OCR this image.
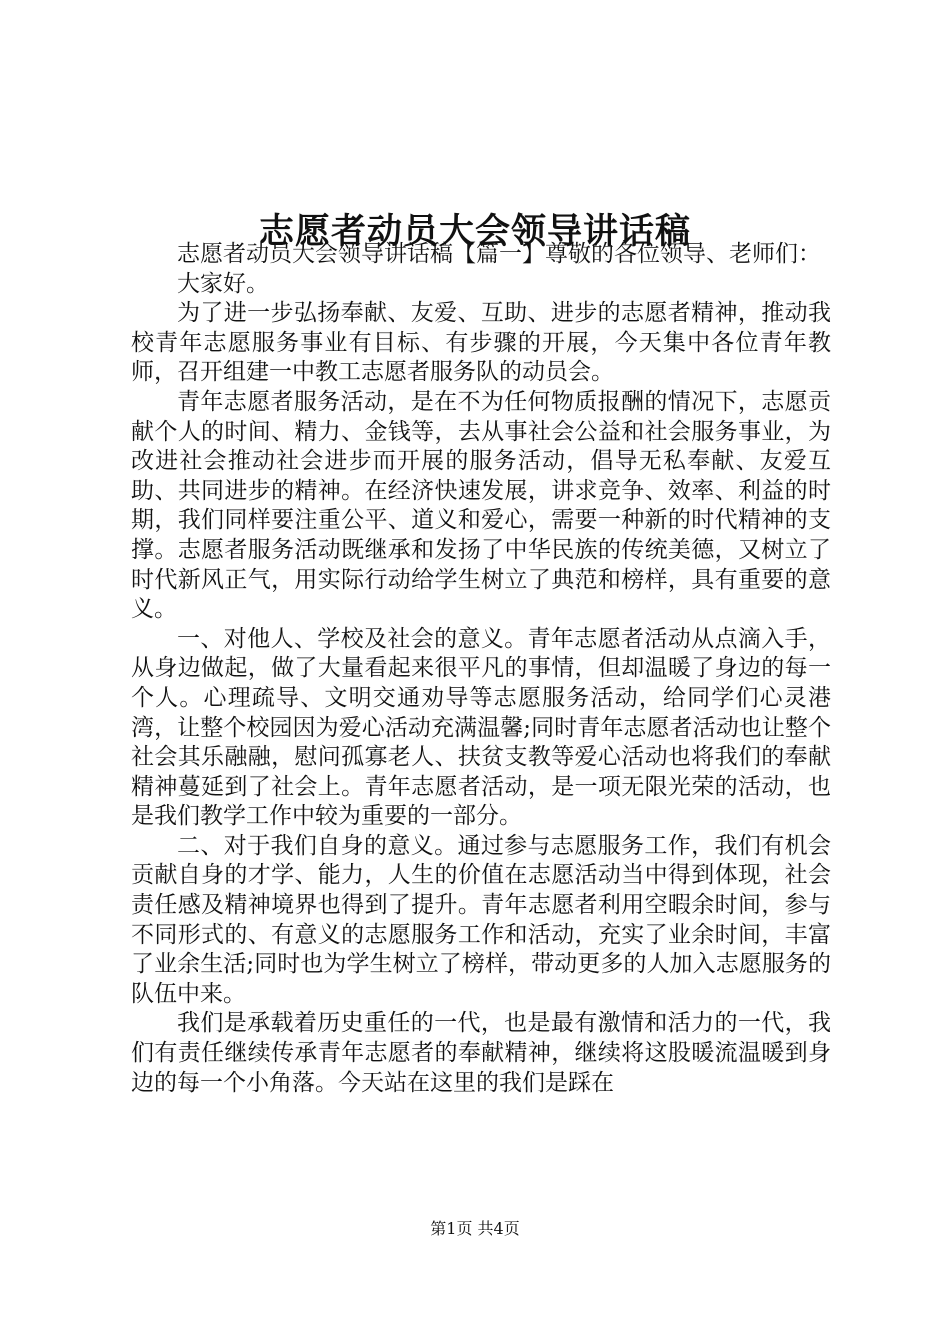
志愿者动员大会领导讲话稿

志愿者动员大会领导讲话稿【篇一】尊敬的各位领导、老师们：

大家好。

为了进一步弘扬奉献、友爱、互助、进步的志愿者精神，推动我校青年志愿服务事业有目标、有步骤的开展，今天集中各位青年教师，召开组建一中教工志愿者服务队的动员会。

青年志愿者服务活动，是在不为任何物质报酬的情况下，志愿贡献个人的时间、精力、金钱等，去从事社会公益和社会服务事业，为改进社会推动社会进步而开展的服务活动，倡导无私奉献、友爱互助、共同进步的精神。在经济快速发展，讲求竞争、效率、利益的时期，我们同样要注重公平、道义和爱心，需要一种新的时代精神的支撑。志愿者服务活动既继承和发扬了中华民族的传统美德，又树立了时代新风正气，用实际行动给学生树立了典范和榜样，具有重要的意义。

一、对他人、学校及社会的意义。青年志愿者活动从点滴入手，从身边做起，做了大量看起来很平凡的事情，但却温暖了身边的每一个人。心理疏导、文明交通劝导等志愿服务活动，给同学们心灵港湾，让整个校园因为爱心活动充满温馨;同时青年志愿者活动也让整个社会其乐融融，慰问孤寡老人、扶贫支教等爱心活动也将我们的奉献精神蔓延到了社会上。青年志愿者活动，是一项无限光荣的活动，也是我们教学工作中较为重要的一部分。

二、对于我们自身的意义。通过参与志愿服务工作，我们有机会贡献自身的才学、能力，人生的价值在志愿活动当中得到体现，社会责任感及精神境界也得到了提升。青年志愿者利用空暇余时间，参与不同形式的、有意义的志愿服务工作和活动，充实了业余时间，丰富了业余生活;同时也为学生树立了榜样，带动更多的人加入志愿服务的队伍中来。

我们是承载着历史重任的一代，也是最有激情和活力的一代，我们有责任继续传承青年志愿者的奉献精神，继续将这股暖流温暖到身边的每一个小角落。今天站在这里的我们是踩在

第1页 共4页
